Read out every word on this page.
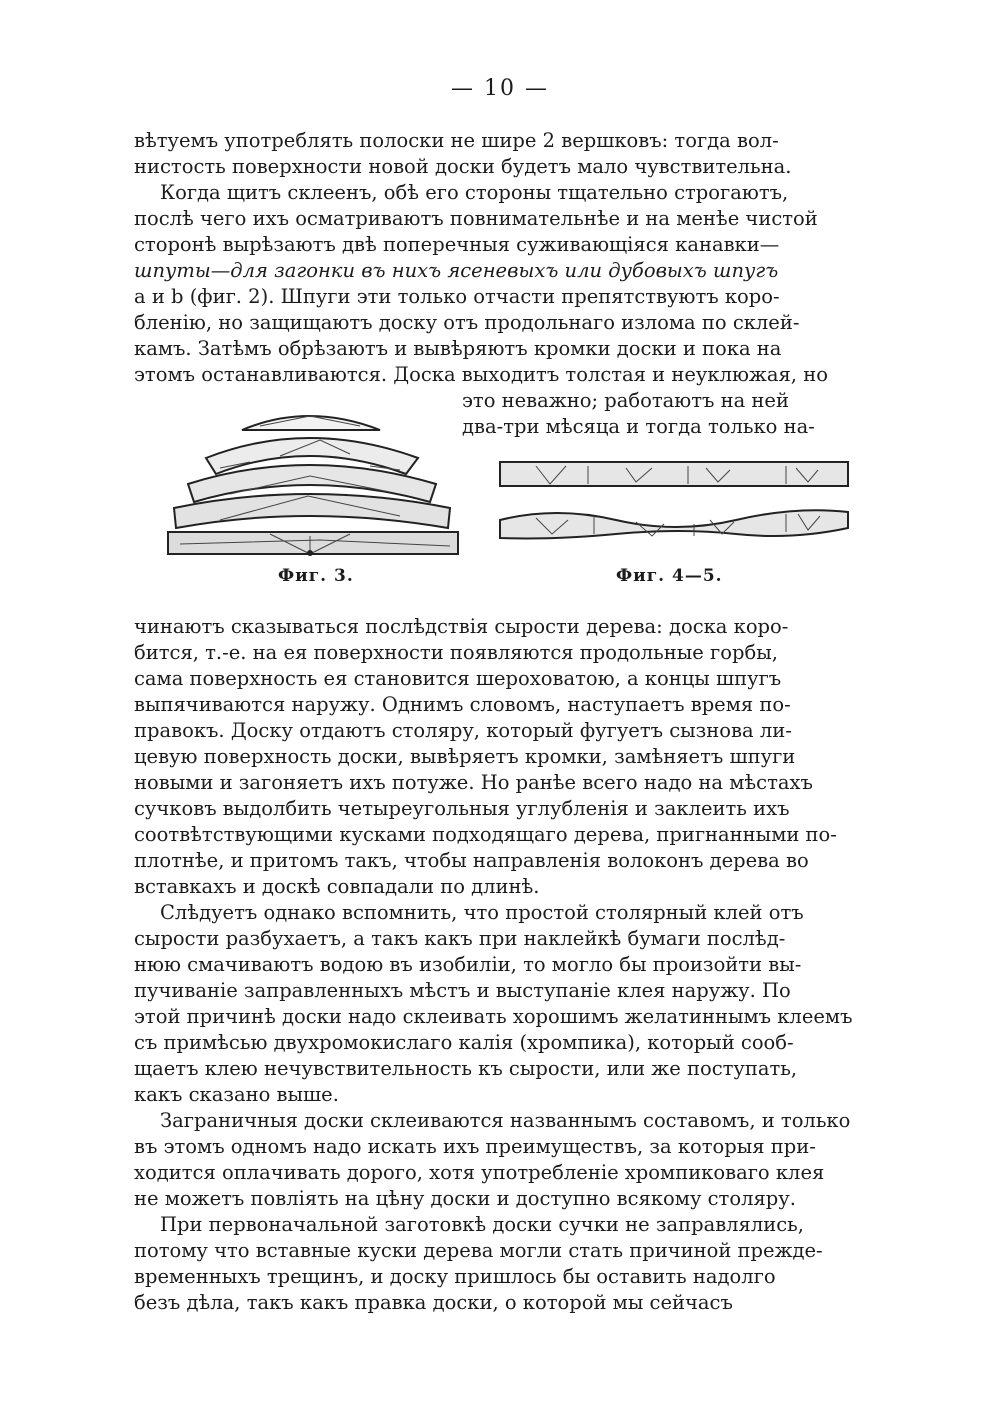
— 10 —
вѣтуемъ употреблять полоски не шире 2 вершковъ: тогда вол-
нистость поверхности новой доски будетъ мало чувствительна.
Когда щитъ склеенъ, обѣ его стороны тщательно строгаютъ,
послѣ чего ихъ осматриваютъ повнимательнѣе и на менѣе чистой
сторонѣ вырѣзаютъ двѣ поперечныя суживающiяся канавки—
шпуты—для загонки въ нихъ ясеневыхъ или дубовыхъ шпугъ
a и b (фиг. 2). Шпуги эти только отчасти препятствуютъ коро-
бленiю, но защищаютъ доску отъ продольнаго излома по склей-
камъ. Затѣмъ обрѣзаютъ и вывѣряютъ кромки доски и пока на
этомъ останавливаются. Доска выходитъ толстая и неуклюжая, но
это неважно; работаютъ на ней
два-три мѣсяца и тогда только на-
Фиг. 3.	Фиг. 4—5.
чинаютъ сказываться послѣдствiя сырости дерева: доска коро-
бится, т.-е. на ея поверхности появляются продольные горбы,
сама поверхность ея становится шероховатою, а концы шпугъ
выпячиваются наружу. Однимъ словомъ, наступаетъ время по-
правокъ. Доску отдаютъ столяру, который фугуетъ сызнова ли-
цевую поверхность доски, вывѣряетъ кромки, замѣняетъ шпуги
новыми и загоняетъ ихъ потуже. Но ранѣе всего надо на мѣстахъ
сучковъ выдолбить четыреугольныя углубленiя и заклеить ихъ
соотвѣтствующими кусками подходящаго дерева, пригнанными по-
плотнѣе, и притомъ такъ, чтобы направленiя волоконъ дерева во
вставкахъ и доскѣ совпадали по длинѣ.
Слѣдуетъ однако вспомнить, что простой столярный клей отъ
сырости разбухаетъ, а такъ какъ при наклейкѣ бумаги послѣд-
нюю смачиваютъ водою въ изобилiи, то могло бы произойти вы-
пучиванiе заправленныхъ мѣстъ и выступанiе клея наружу. По
этой причинѣ доски надо склеивать хорошимъ желатиннымъ клеемъ
съ примѣсью двухромокислаго калiя (хромпика), который сооб-
щаетъ клею нечувствительность къ сырости, или же поступать,
какъ сказано выше.
Заграничныя доски склеиваются названнымъ составомъ, и только
въ этомъ одномъ надо искать ихъ преимуществъ, за которыя при-
ходится оплачивать дорого, хотя употребленiе хромпиковаго клея
не можетъ повлiять на цѣну доски и доступно всякому столяру.
При первоначальной заготовкѣ доски сучки не заправлялись,
потому что вставные куски дерева могли стать причиной прежде-
временныхъ трещинъ, и доску пришлось бы оставить надолго
безъ дѣла, такъ какъ правка доски, о которой мы сейчасъ
